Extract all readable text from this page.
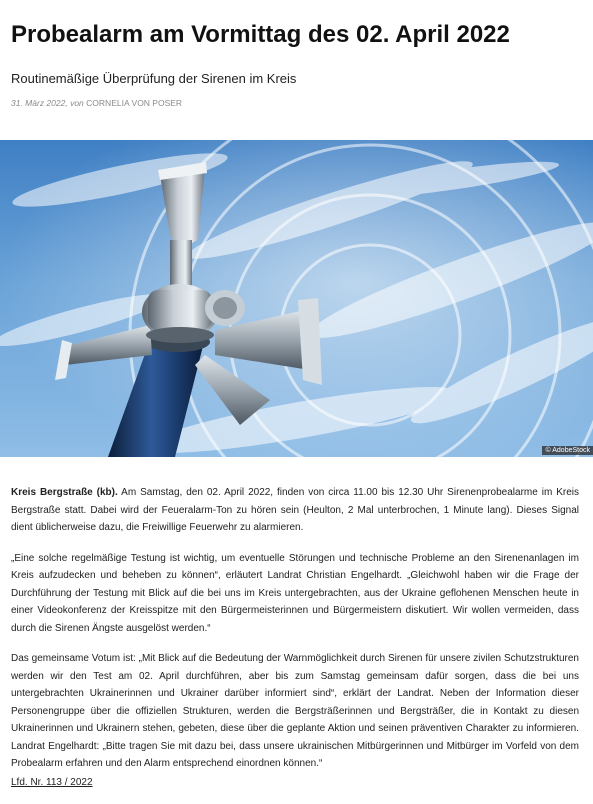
Probealarm am Vormittag des 02. April 2022
Routinemäßige Überprüfung der Sirenen im Kreis
31. März 2022, von CORNELIA VON POSER
© AdobeStock

Kreis Bergstraße (kb). Am Samstag, den 02. April 2022, finden von circa 11.00 bis 12.30 Uhr Sirenenprobealarme im Kreis Bergstraße statt. Dabei wird der Feueralarm-Ton zu hören sein (Heulton, 2 Mal unterbrochen, 1 Minute lang). Dieses Signal dient üblicherweise dazu, die Freiwillige Feuerwehr zu alarmieren.

„Eine solche regelmäßige Testung ist wichtig, um eventuelle Störungen und technische Probleme an den Sirenenanlagen im Kreis aufzudecken und beheben zu können“, erläutert Landrat Christian Engelhardt. „Gleichwohl haben wir die Frage der Durchführung der Testung mit Blick auf die bei uns im Kreis untergebrachten, aus der Ukraine geflohenen Menschen heute in einer Videokonferenz der Kreisspitze mit den Bürgermeisterinnen und Bürgermeistern diskutiert. Wir wollen vermeiden, dass durch die Sirenen Ängste ausgelöst werden.“

Das gemeinsame Votum ist: „Mit Blick auf die Bedeutung der Warnmöglichkeit durch Sirenen für unsere zivilen Schutzstrukturen werden wir den Test am 02. April durchführen, aber bis zum Samstag gemeinsam dafür sorgen, dass die bei uns untergebrachten Ukrainerinnen und Ukrainer darüber informiert sind“, erklärt der Landrat. Neben der Information dieser Personengruppe über die offiziellen Strukturen, werden die Bergsträßerinnen und Bergsträßer, die in Kontakt zu diesen Ukrainerinnen und Ukrainern stehen, gebeten, diese über die geplante Aktion und seinen präventiven Charakter zu informieren. Landrat Engelhardt: „Bitte tragen Sie mit dazu bei, dass unsere ukrainischen Mitbürgerinnen und Mitbürger im Vorfeld von dem Probealarm erfahren und den Alarm entsprechend einordnen können.“

Lfd. Nr. 113 / 2022
